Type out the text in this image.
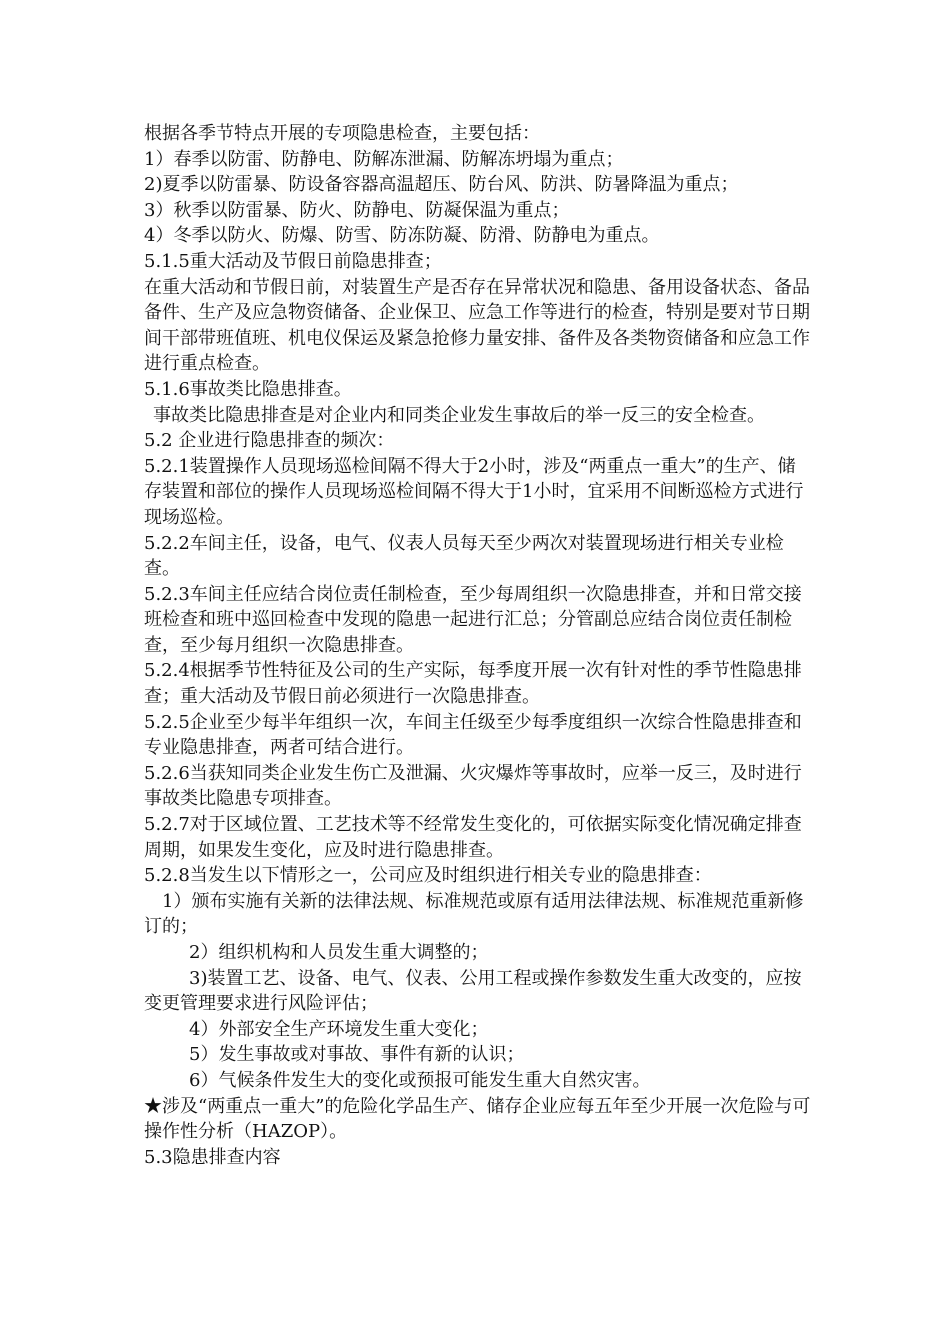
根据各季节特点开展的专项隐患检查，主要包括：

1）春季以防雷、防静电、防解冻泄漏、防解冻坍塌为重点；

2)夏季以防雷暴、防设备容器高温超压、防台风、防洪、防暑降温为重点；

3）秋季以防雷暴、防火、防静电、防凝保温为重点；

4）冬季以防火、防爆、防雪、防冻防凝、防滑、防静电为重点。

5.1.5重大活动及节假日前隐患排查；

在重大活动和节假日前，对装置生产是否存在异常状况和隐患、备用设备状态、备品备件、生产及应急物资储备、企业保卫、应急工作等进行的检查，特别是要对节日期间干部带班值班、机电仪保运及紧急抢修力量安排、备件及各类物资储备和应急工作进行重点检查。

5.1.6事故类比隐患排查。

事故类比隐患排查是对企业内和同类企业发生事故后的举一反三的安全检查。

5.2 企业进行隐患排查的频次：

5.2.1装置操作人员现场巡检间隔不得大于2小时，涉及“两重点一重大”的生产、储存装置和部位的操作人员现场巡检间隔不得大于1小时，宜采用不间断巡检方式进行现场巡检。

5.2.2车间主任，设备，电气、仪表人员每天至少两次对装置现场进行相关专业检查。

5.2.3车间主任应结合岗位责任制检查，至少每周组织一次隐患排查，并和日常交接班检查和班中巡回检查中发现的隐患一起进行汇总；分管副总应结合岗位责任制检查，至少每月组织一次隐患排查。

5.2.4根据季节性特征及公司的生产实际，每季度开展一次有针对性的季节性隐患排查；重大活动及节假日前必须进行一次隐患排查。

5.2.5企业至少每半年组织一次，车间主任级至少每季度组织一次综合性隐患排查和专业隐患排查，两者可结合进行。

5.2.6当获知同类企业发生伤亡及泄漏、火灾爆炸等事故时，应举一反三，及时进行事故类比隐患专项排查。

5.2.7对于区域位置、工艺技术等不经常发生变化的，可依据实际变化情况确定排查周期，如果发生变化，应及时进行隐患排查。

5.2.8当发生以下情形之一，公司应及时组织进行相关专业的隐患排查：

1）颁布实施有关新的法律法规、标准规范或原有适用法律法规、标准规范重新修订的；

2）组织机构和人员发生重大调整的；

3)装置工艺、设备、电气、仪表、公用工程或操作参数发生重大改变的，应按变更管理要求进行风险评估；

4）外部安全生产环境发生重大变化；

5）发生事故或对事故、事件有新的认识；

6）气候条件发生大的变化或预报可能发生重大自然灾害。

★涉及“两重点一重大”的危险化学品生产、储存企业应每五年至少开展一次危险与可操作性分析（HAZOP）。

5.3隐患排查内容
